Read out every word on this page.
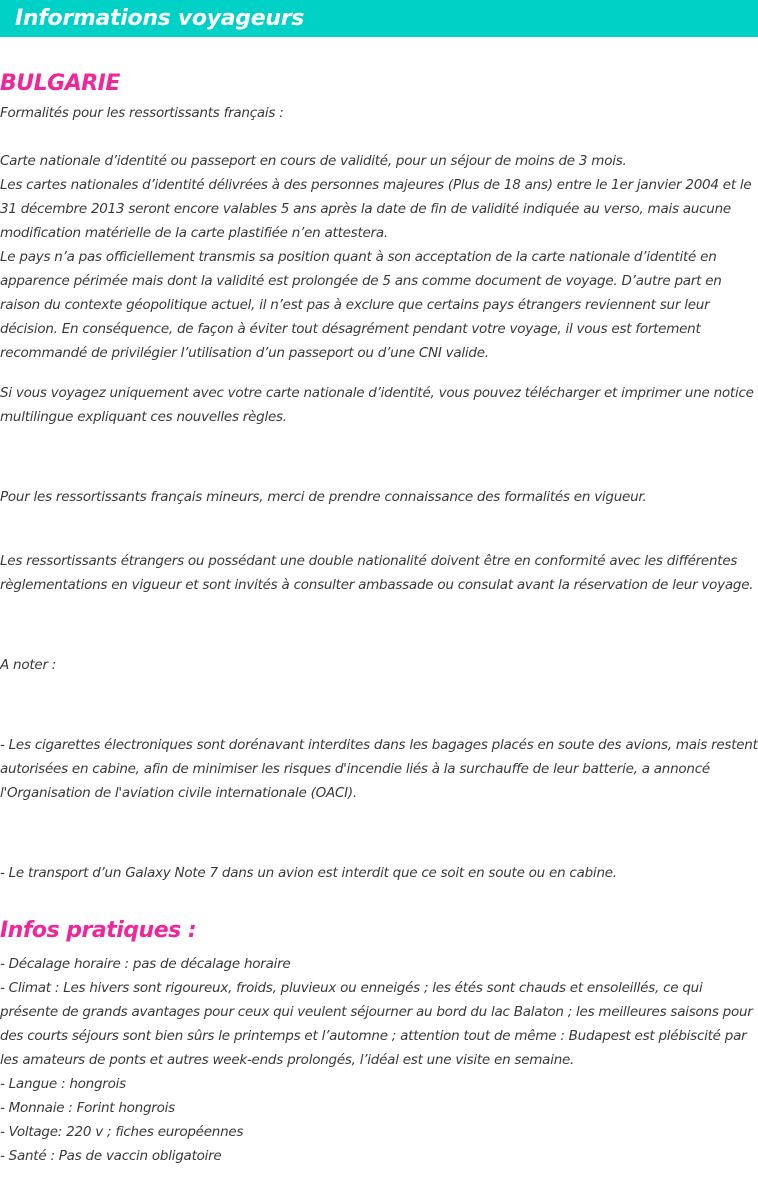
Informations voyageurs
BULGARIE

Formalités pour les ressortissants français :

Carte nationale d’identité ou passeport en cours de validité, pour un séjour de moins de 3 mois.

Les cartes nationales d’identité délivrées à des personnes majeures (Plus de 18 ans) entre le 1er janvier 2004 et le 31 décembre 2013 seront encore valables 5 ans après la date de fin de validité indiquée au verso, mais aucune modification matérielle de la carte plastifiée n’en attestera.

Le pays n’a pas officiellement transmis sa position quant à son acceptation de la carte nationale d’identité en apparence périmée mais dont la validité est prolongée de 5 ans comme document de voyage. D’autre part en raison du contexte géopolitique actuel, il n’est pas à exclure que certains pays étrangers reviennent sur leur décision. En conséquence, de façon à éviter tout désagrément pendant votre voyage, il vous est fortement recommandé de privilégier l’utilisation d’un passeport ou d’une CNI valide.

Si vous voyagez uniquement avec votre carte nationale d’identité, vous pouvez télécharger et imprimer une notice multilingue expliquant ces nouvelles règles.

Pour les ressortissants français mineurs, merci de prendre connaissance des formalités en vigueur.

Les ressortissants étrangers ou possédant une double nationalité doivent être en conformité avec les différentes règlementations en vigueur et sont invités à consulter ambassade ou consulat avant la réservation de leur voyage.

A noter :

- Les cigarettes électroniques sont dorénavant interdites dans les bagages placés en soute des avions, mais restent autorisées en cabine, afin de minimiser les risques d'incendie liés à la surchauffe de leur batterie, a annoncé l'Organisation de l'aviation civile internationale (OACI).

- Le transport d’un Galaxy Note 7 dans un avion est interdit que ce soit en soute ou en cabine.

Infos pratiques :

- Décalage horaire : pas de décalage horaire

- Climat : Les hivers sont rigoureux, froids, pluvieux ou enneigés ; les étés sont chauds et ensoleillés, ce qui présente de grands avantages pour ceux qui veulent séjourner au bord du lac Balaton ; les meilleures saisons pour des courts séjours sont bien sûrs le printemps et l’automne ; attention tout de même : Budapest est plébiscité par les amateurs de ponts et autres week-ends prolongés, l’idéal est une visite en semaine.

- Langue : hongrois

- Monnaie : Forint hongrois

- Voltage: 220 v ; fiches européennes

- Santé : Pas de vaccin obligatoire
